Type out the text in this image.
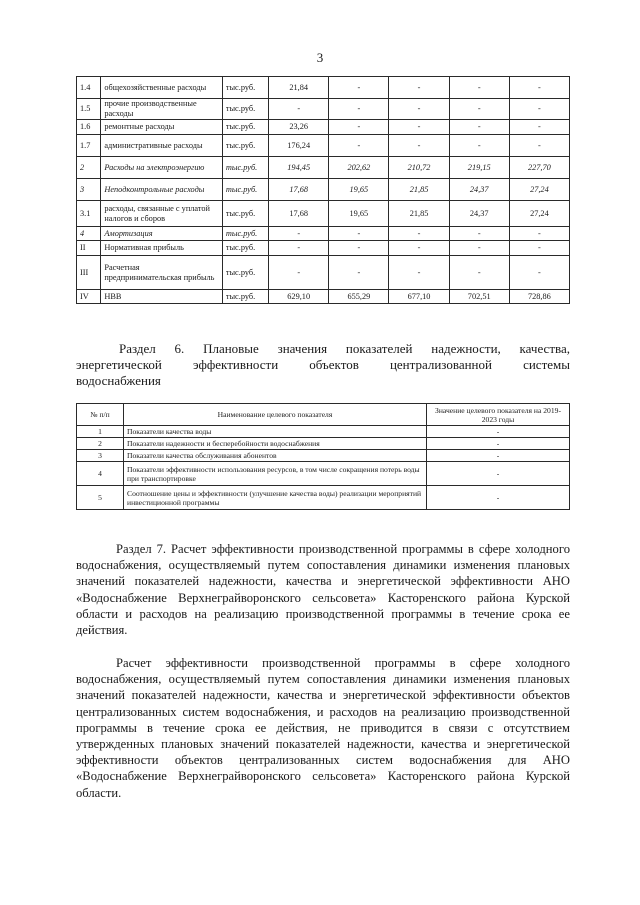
3
1.4	общехозяйственные расходы	тыс.руб.	21,84	-	-	-	-
1.5	прочие производственные расходы	тыс.руб.	-	-	-	-	-
1.6	ремонтные расходы	тыс.руб.	23,26	-	-	-	-
1.7	административные расходы	тыс.руб.	176,24	-	-	-	-
2	Расходы на электроэнергию	тыс.руб.	194,45	202,62	210,72	219,15	227,70
3	Неподконтрольные расходы	тыс.руб.	17,68	19,65	21,85	24,37	27,24
3.1	расходы, связанные с уплатой налогов и сборов	тыс.руб.	17,68	19,65	21,85	24,37	27,24
4	Амортизация	тыс.руб.	-	-	-	-	-
II	Нормативная прибыль	тыс.руб.	-	-	-	-	-
III	Расчетная предпринимательская прибыль	тыс.руб.	-	-	-	-	-
IV	НВВ	тыс.руб.	629,10	655,29	677,10	702,51	728,86
Раздел 6. Плановые значения показателей надежности, качества,
энергетической эффективности объектов централизованной системы
водоснабжения
№ п/п	Наименование целевого показателя	Значение целевого показателя на 2019-2023 годы
1	Показатели качества воды	-
2	Показатели надежности и бесперебойности водоснабжения	-
3	Показатели качества обслуживания абонентов	-
4	Показатели эффективности использования ресурсов, в том числе сокращения потерь воды при транспортировке	-
5	Соотношение цены и эффективности (улучшение качества воды) реализации мероприятий инвестиционной программы	-

Раздел 7. Расчет эффективности производственной программы в сфере холодного водоснабжения, осуществляемый путем сопоставления динамики изменения плановых значений показателей надежности, качества и энергетической эффективности АНО «Водоснабжение Верхнеграйворонского сельсовета» Касторенского района Курской области и расходов на реализацию производственной программы в течение срока ее действия.

Расчет эффективности производственной программы в сфере холодного водоснабжения, осуществляемый путем сопоставления динамики изменения плановых значений показателей надежности, качества и энергетической эффективности объектов централизованных систем водоснабжения, и расходов на реализацию производственной программы в течение срока ее действия, не приводится в связи с отсутствием утвержденных плановых значений показателей надежности, качества и энергетической эффективности объектов централизованных систем водоснабжения для АНО «Водоснабжение Верхнеграйворонского сельсовета» Касторенского района Курской области.
